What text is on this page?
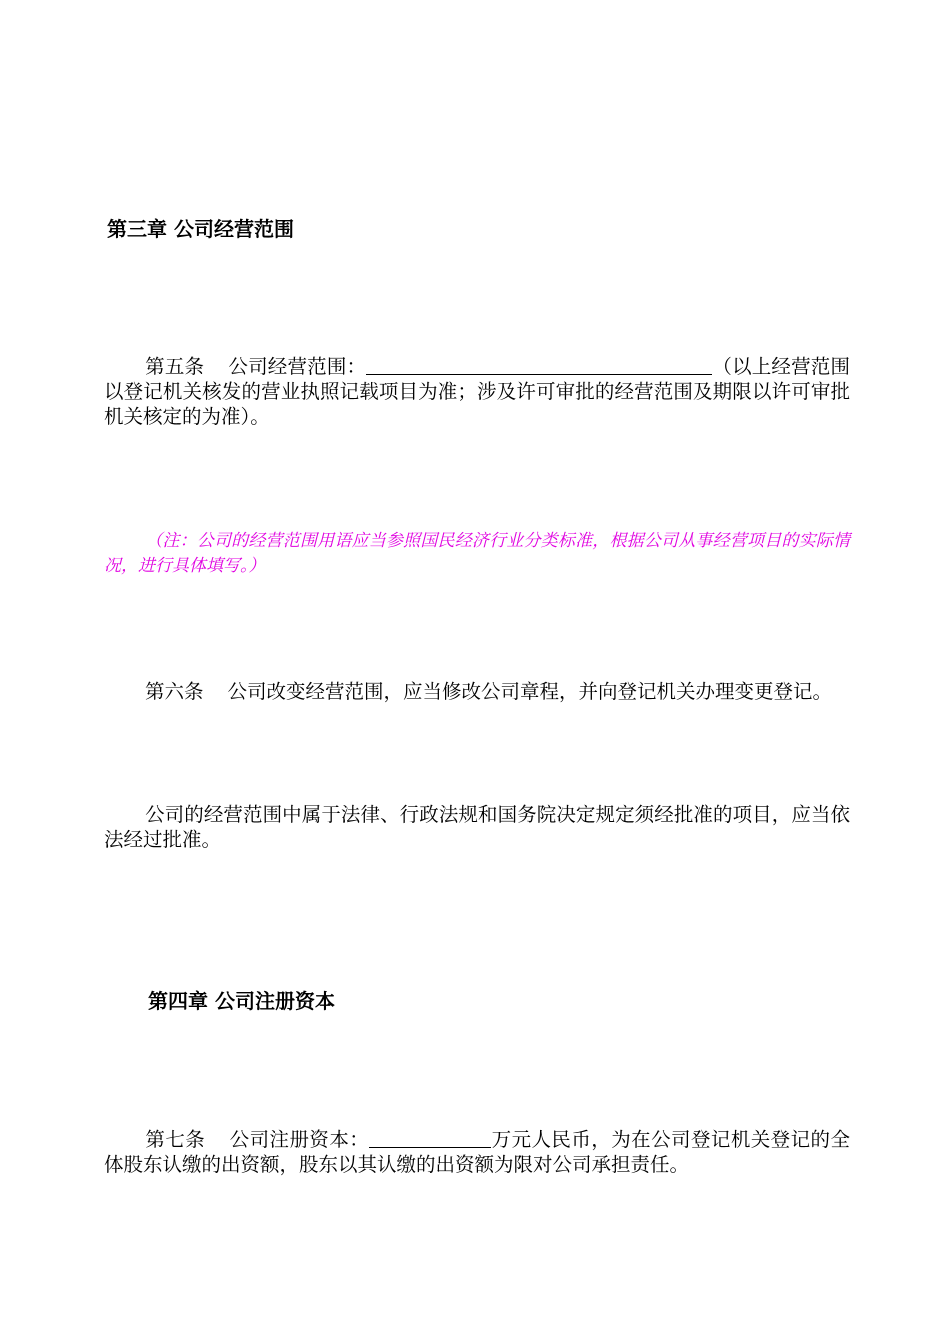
第三章 公司经营范围
第五条 公司经营范围：	（以上经营范围以登记机关核发的营业执照记载项目为准；涉及许可审批的经营范围及期限以许可审批机关核定的为准）。
（注：公司的经营范围用语应当参照国民经济行业分类标准，根据公司从事经营项目的实际情况，进行具体填写。）
第六条 公司改变经营范围，应当修改公司章程，并向登记机关办理变更登记。
公司的经营范围中属于法律、行政法规和国务院决定规定须经批准的项目，应当依法经过批准。
第四章 公司注册资本
第七条 公司注册资本：	万元人民币，为在公司登记机关登记的全体股东认缴的出资额，股东以其认缴的出资额为限对公司承担责任。
